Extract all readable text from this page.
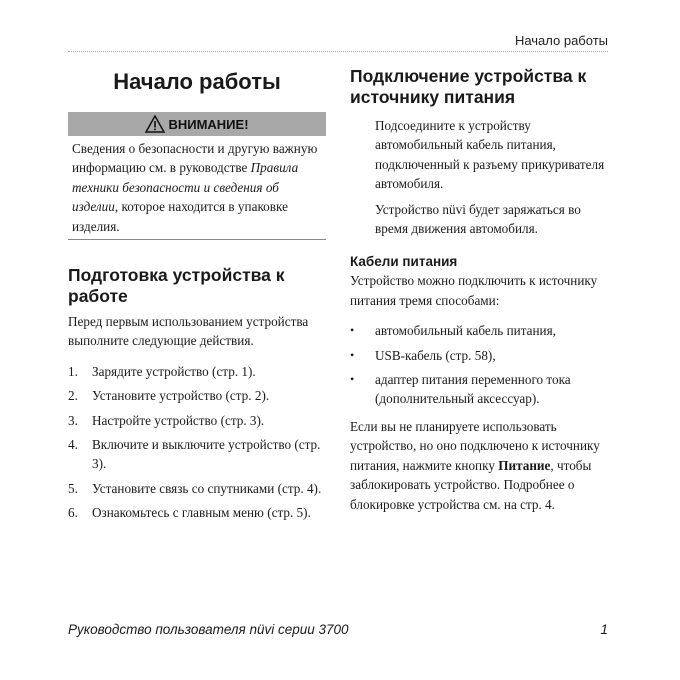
Начало работы
Начало работы
ВНИМАНИЕ!
Сведения о безопасности и другую важную информацию см. в руководстве Правила техники безопасности и сведения об изделии, которое находится в упаковке изделия.
Подготовка устройства к работе

Перед первым использованием устройства выполните следующие действия.

1.	Зарядите устройство (стр. 1).
2.	Установите устройство (стр. 2).
3.	Настройте устройство (стр. 3).
4.	Включите и выключите устройство (стр. 3).
5.	Установите связь со спутниками (стр. 4).
6.	Ознакомьтесь с главным меню (стр. 5).
Подключение устройства к источнику питания

Подсоедините к устройству автомобильный кабель питания, подключенный к разъему прикуривателя автомобиля.

Устройство nüvi будет заряжаться во время движения автомобиля.

Кабели питания

Устройство можно подключить к источнику питания тремя способами:

•	автомобильный кабель питания,
•	USB-кабель (стр. 58),
•	адаптер питания переменного тока (дополнительный аксессуар).

Если вы не планируете использовать устройство, но оно подключено к источнику питания, нажмите кнопку Питание, чтобы заблокировать устройство. Подробнее о блокировке устройства см. на стр. 4.

Руководство пользователя nüvi серии 3700	1
